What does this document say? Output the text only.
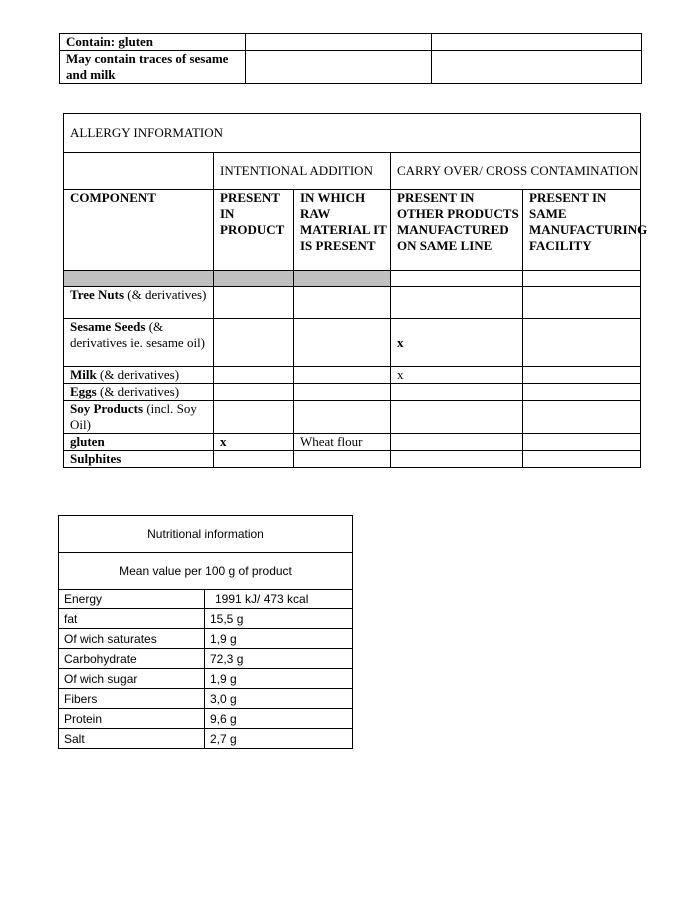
Contain: gluten		
May contain traces of sesame and milk		
ALLERGY INFORMATION				
	INTENTIONAL ADDITION		CARRY OVER/ CROSS CONTAMINATION	
COMPONENT	PRESENT IN PRODUCT	IN WHICH RAW MATERIAL IT IS PRESENT	PRESENT IN OTHER PRODUCTS MANUFACTURED ON SAME LINE	PRESENT IN SAME MANUFACTURING FACILITY

Tree Nuts (& derivatives)				
Sesame Seeds (& derivatives ie. sesame oil)			x	
Milk (& derivatives)			x	
Eggs (& derivatives)				
Soy Products (incl. Soy Oil)				
gluten	x	Wheat flour		
Sulphites				
Nutritional information	
Mean value per 100 g of product	
Energy	1991 kJ/ 473 kcal
fat	15,5 g
Of wich saturates	1,9 g
Carbohydrate	72,3 g
Of wich sugar	1,9 g
Fibers	3,0 g
Protein	9,6 g
Salt	2,7 g
